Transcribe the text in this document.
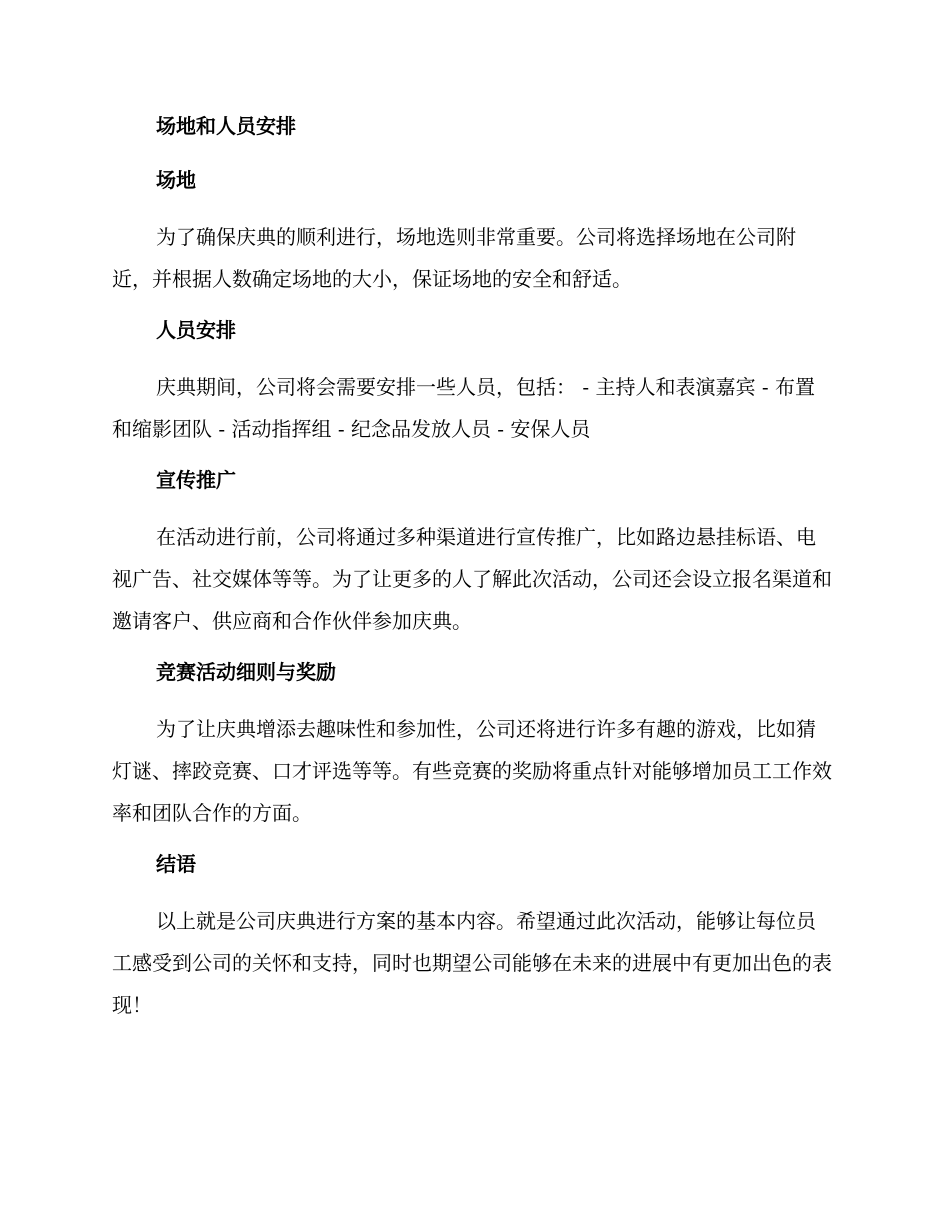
场地和人员安排
场地

为了确保庆典的顺利进行，场地选则非常重要。公司将选择场地在公司附近，并根据人数确定场地的大小，保证场地的安全和舒适。

人员安排

庆典期间，公司将会需要安排一些人员，包括： - 主持人和表演嘉宾 - 布置和缩影团队 - 活动指挥组 - 纪念品发放人员 - 安保人员

宣传推广

在活动进行前，公司将通过多种渠道进行宣传推广，比如路边悬挂标语、电视广告、社交媒体等等。为了让更多的人了解此次活动，公司还会设立报名渠道和邀请客户、供应商和合作伙伴参加庆典。

竞赛活动细则与奖励

为了让庆典增添去趣味性和参加性，公司还将进行许多有趣的游戏，比如猜灯谜、摔跤竞赛、口才评选等等。有些竞赛的奖励将重点针对能够增加员工工作效率和团队合作的方面。

结语

以上就是公司庆典进行方案的基本内容。希望通过此次活动，能够让每位员工感受到公司的关怀和支持，同时也期望公司能够在未来的进展中有更加出色的表现！
